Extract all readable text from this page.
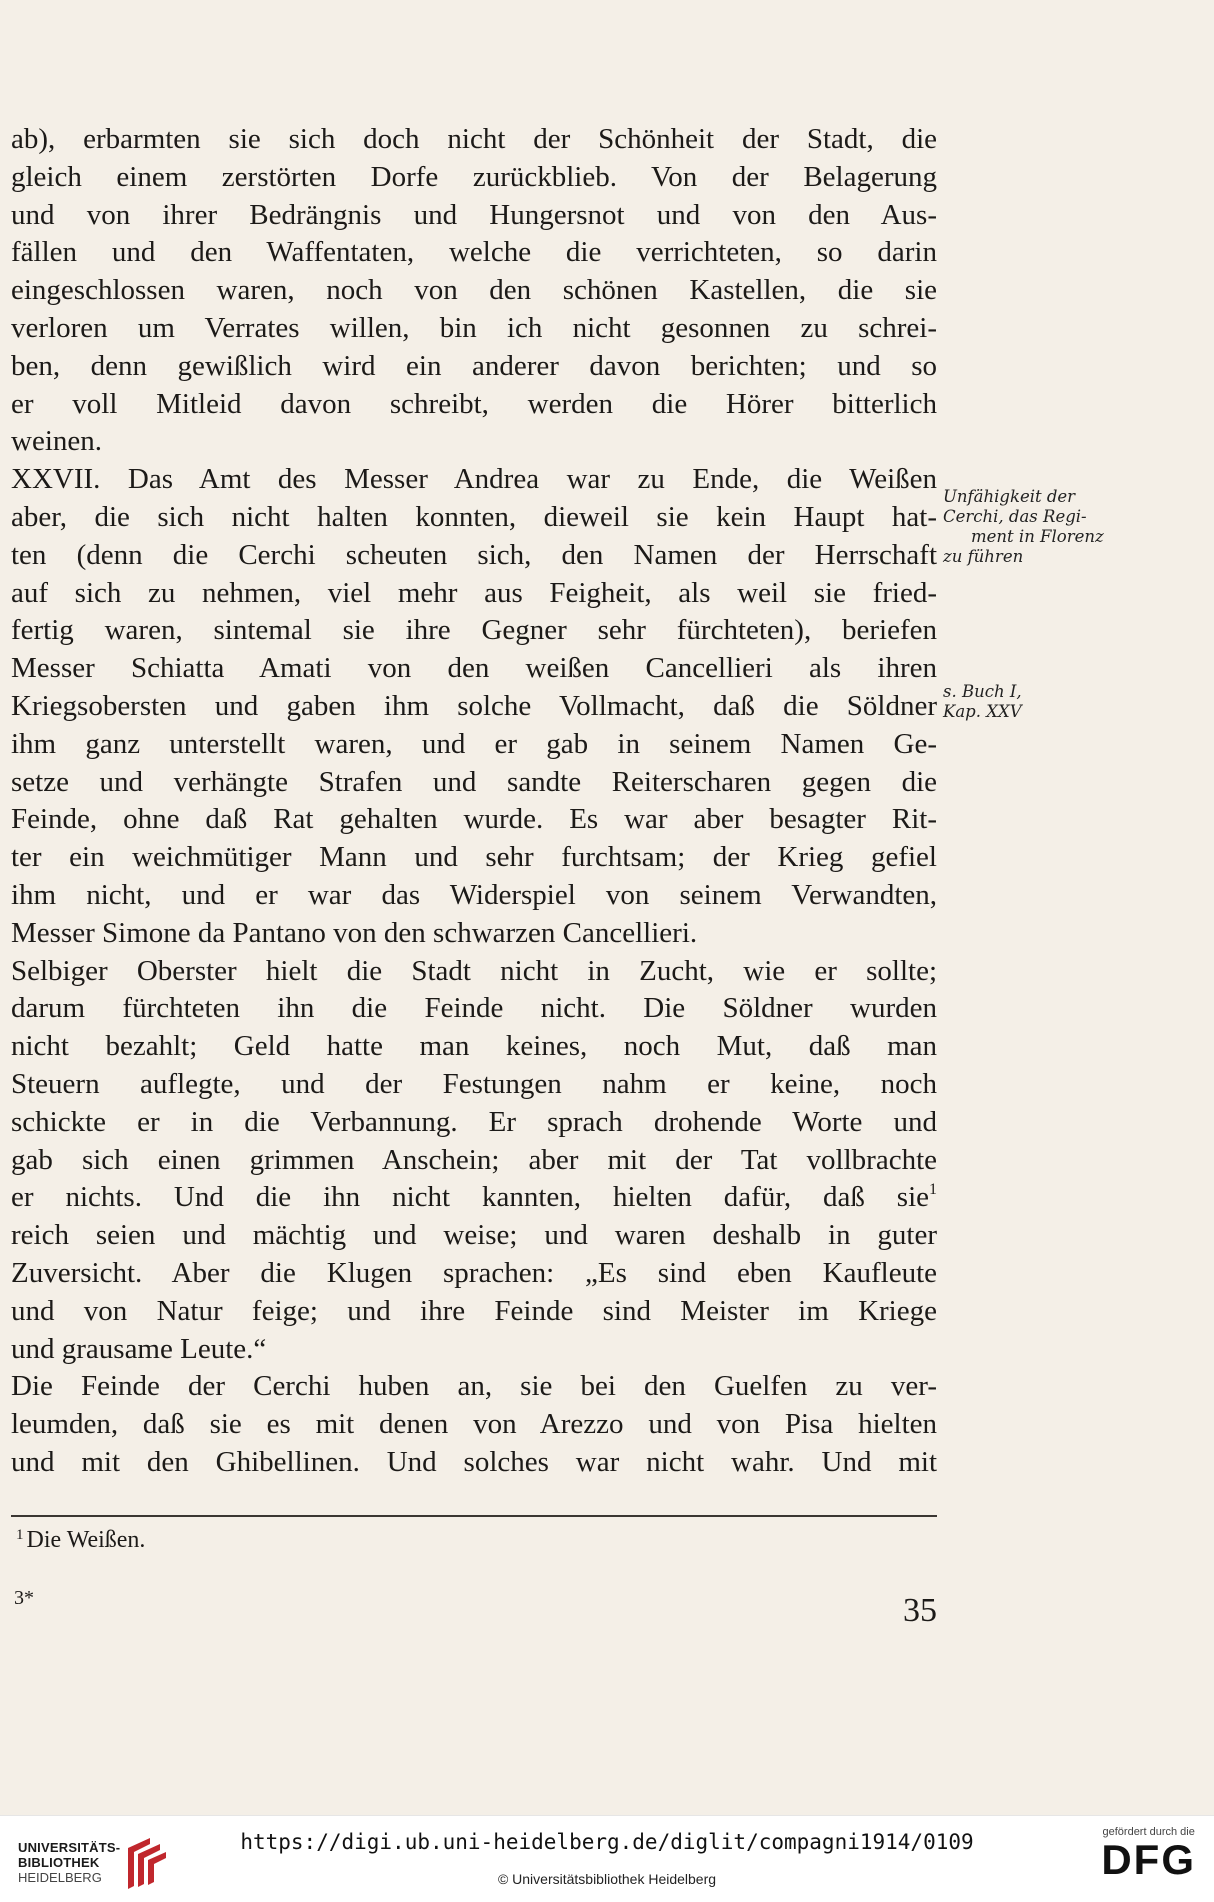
ab), erbarmten sie sich doch nicht der Schönheit der Stadt, die
gleich einem zerstörten Dorfe zurückblieb. Von der Belagerung
und von ihrer Bedrängnis und Hungersnot und von den Aus-
fällen und den Waffentaten, welche die verrichteten, so darin
eingeschlossen waren, noch von den schönen Kastellen, die sie
verloren um Verrates willen, bin ich nicht gesonnen zu schrei-
ben, denn gewißlich wird ein anderer davon berichten; und so
er voll Mitleid davon schreibt, werden die Hörer bitterlich
weinen.
XXVII. Das Amt des Messer Andrea war zu Ende, die Weißen
aber, die sich nicht halten konnten, dieweil sie kein Haupt hat-
ten (denn die Cerchi scheuten sich, den Namen der Herrschaft
auf sich zu nehmen, viel mehr aus Feigheit, als weil sie fried-
fertig waren, sintemal sie ihre Gegner sehr fürchteten), beriefen
Messer Schiatta Amati von den weißen Cancellieri als ihren
Kriegsobersten und gaben ihm solche Vollmacht, daß die Söldner
ihm ganz unterstellt waren, und er gab in seinem Namen Ge-
setze und verhängte Strafen und sandte Reiterscharen gegen die
Feinde, ohne daß Rat gehalten wurde. Es war aber besagter Rit-
ter ein weichmütiger Mann und sehr furchtsam; der Krieg gefiel
ihm nicht, und er war das Widerspiel von seinem Verwandten,
Messer Simone da Pantano von den schwarzen Cancellieri.
Selbiger Oberster hielt die Stadt nicht in Zucht, wie er sollte;
darum fürchteten ihn die Feinde nicht. Die Söldner wurden
nicht bezahlt; Geld hatte man keines, noch Mut, daß man
Steuern auflegte, und der Festungen nahm er keine, noch
schickte er in die Verbannung. Er sprach drohende Worte und
gab sich einen grimmen Anschein; aber mit der Tat vollbrachte
er nichts. Und die ihn nicht kannten, hielten dafür, daß sie$^1$
reich seien und mächtig und weise; und waren deshalb in guter
Zuversicht. Aber die Klugen sprachen: „Es sind eben Kaufleute
und von Natur feige; und ihre Feinde sind Meister im Kriege
und grausame Leute.“
Die Feinde der Cerchi huben an, sie bei den Guelfen zu ver-
leumden, daß sie es mit denen von Arezzo und von Pisa hielten
und mit den Ghibellinen. Und solches war nicht wahr. Und mit
Unfähigkeit der
Cerchi, das Regi-
ment in Florenz
zu führen
s. Buch I,
Kap. XXV
$^1$ Die Weißen.
3*	35
UNIVERSITÄTS-
BIBLIOTHEK
HEIDELBERG
https://digi.ub.uni-heidelberg.de/diglit/compagni1914/0109
© Universitätsbibliothek Heidelberg
gefördert durch die
DFG
